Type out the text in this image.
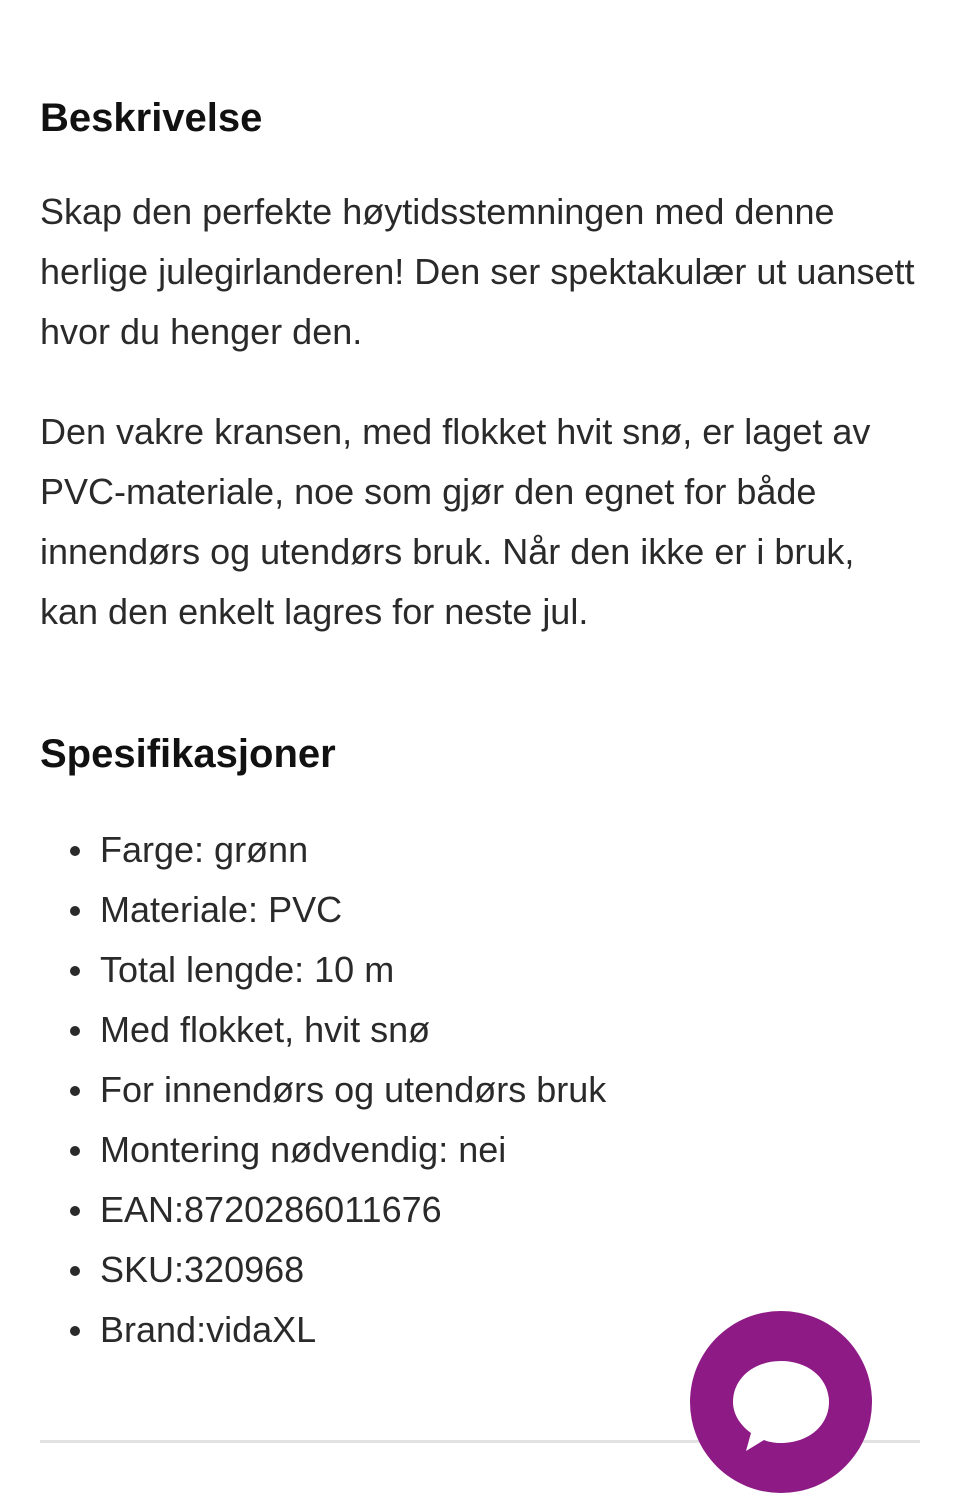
Beskrivelse

Skap den perfekte høytidsstemningen med denne herlige julegirlanderen! Den ser spektakulær ut uansett hvor du henger den.

Den vakre kransen, med flokket hvit snø, er laget av PVC-materiale, noe som gjør den egnet for både innendørs og utendørs bruk. Når den ikke er i bruk, kan den enkelt lagres for neste jul.

Spesifikasjoner
Farge: grønn
Materiale: PVC
Total lengde: 10 m
Med flokket, hvit snø
For innendørs og utendørs bruk
Montering nødvendig: nei
EAN:8720286011676
SKU:320968
Brand:vidaXL
